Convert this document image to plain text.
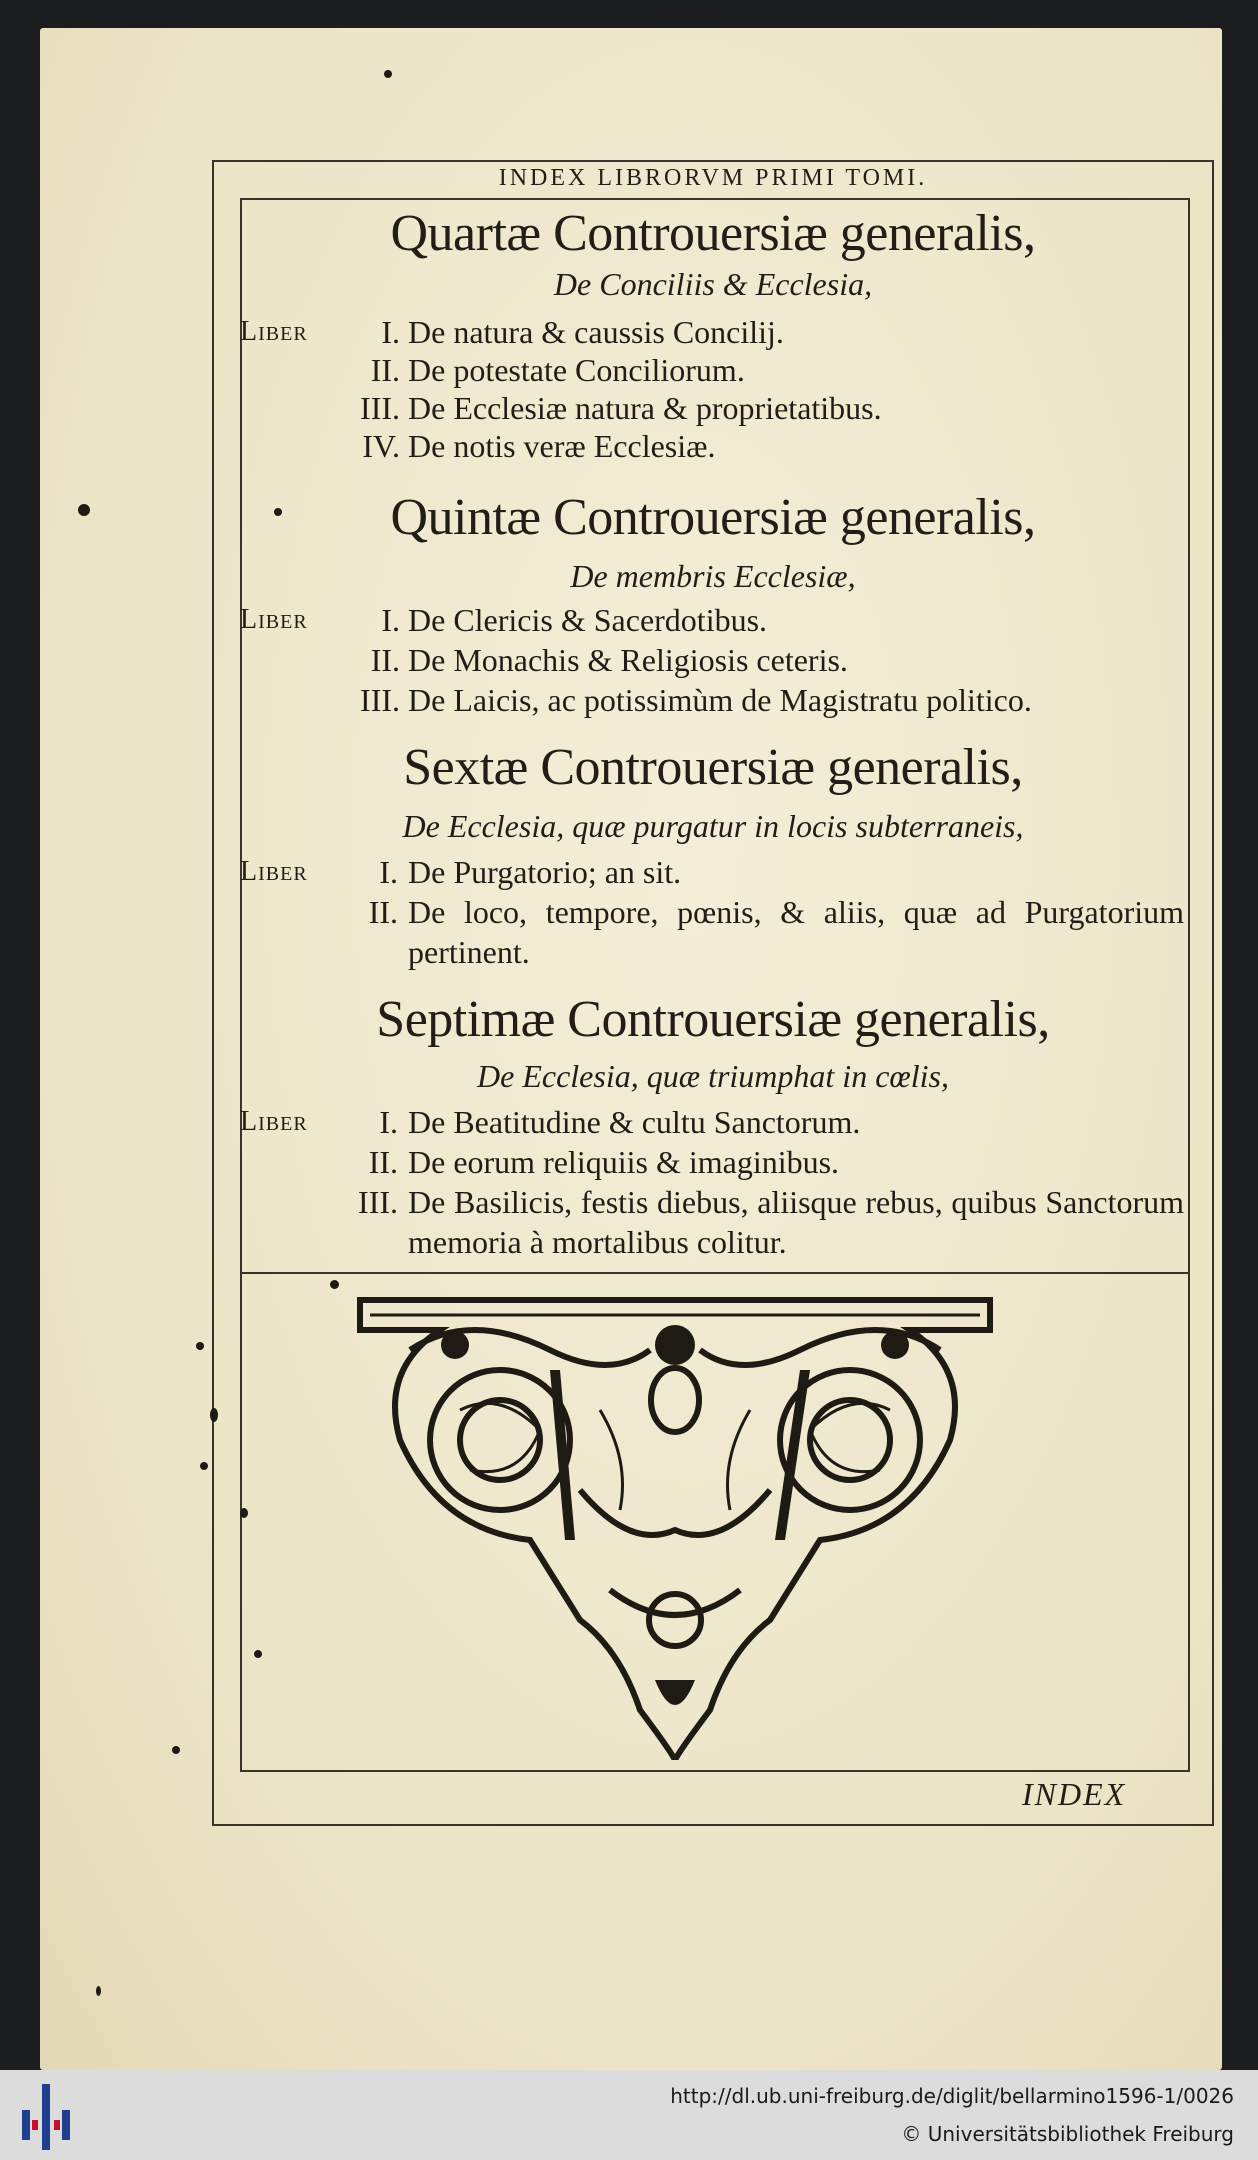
INDEX LIBRORVM PRIMI TOMI.
Quartæ Controuersiæ generalis,
De Conciliis & Ecclesia,
Liber	I. De natura & caussis Concilij.
II. De potestate Conciliorum.
III. De Ecclesiæ natura & proprietatibus.
IV. De notis veræ Ecclesiæ.
Quintæ Controuersiæ generalis,
De membris Ecclesiæ,
Liber	I. De Clericis & Sacerdotibus.
II. De Monachis & Religiosis ceteris.
III. De Laicis, ac potissimùm de Magistratu politico.
Sextæ Controuersiæ generalis,
De Ecclesia, quæ purgatur in locis subterraneis,
Liber	I. De Purgatorio; an sit.
II. De loco, tempore, pœnis, & aliis, quæ ad Purgatorium pertinent.
Septimæ Controuersiæ generalis,
De Ecclesia, quæ triumphat in cœlis,
Liber	I. De Beatitudine & cultu Sanctorum.
II. De eorum reliquiis & imaginibus.
III. De Basilicis, festis diebus, aliisque rebus, quibus Sanctorum memoria à mortalibus colitur.
INDEX
http://dl.ub.uni-freiburg.de/diglit/bellarmino1596-1/0026
© Universitätsbibliothek Freiburg
